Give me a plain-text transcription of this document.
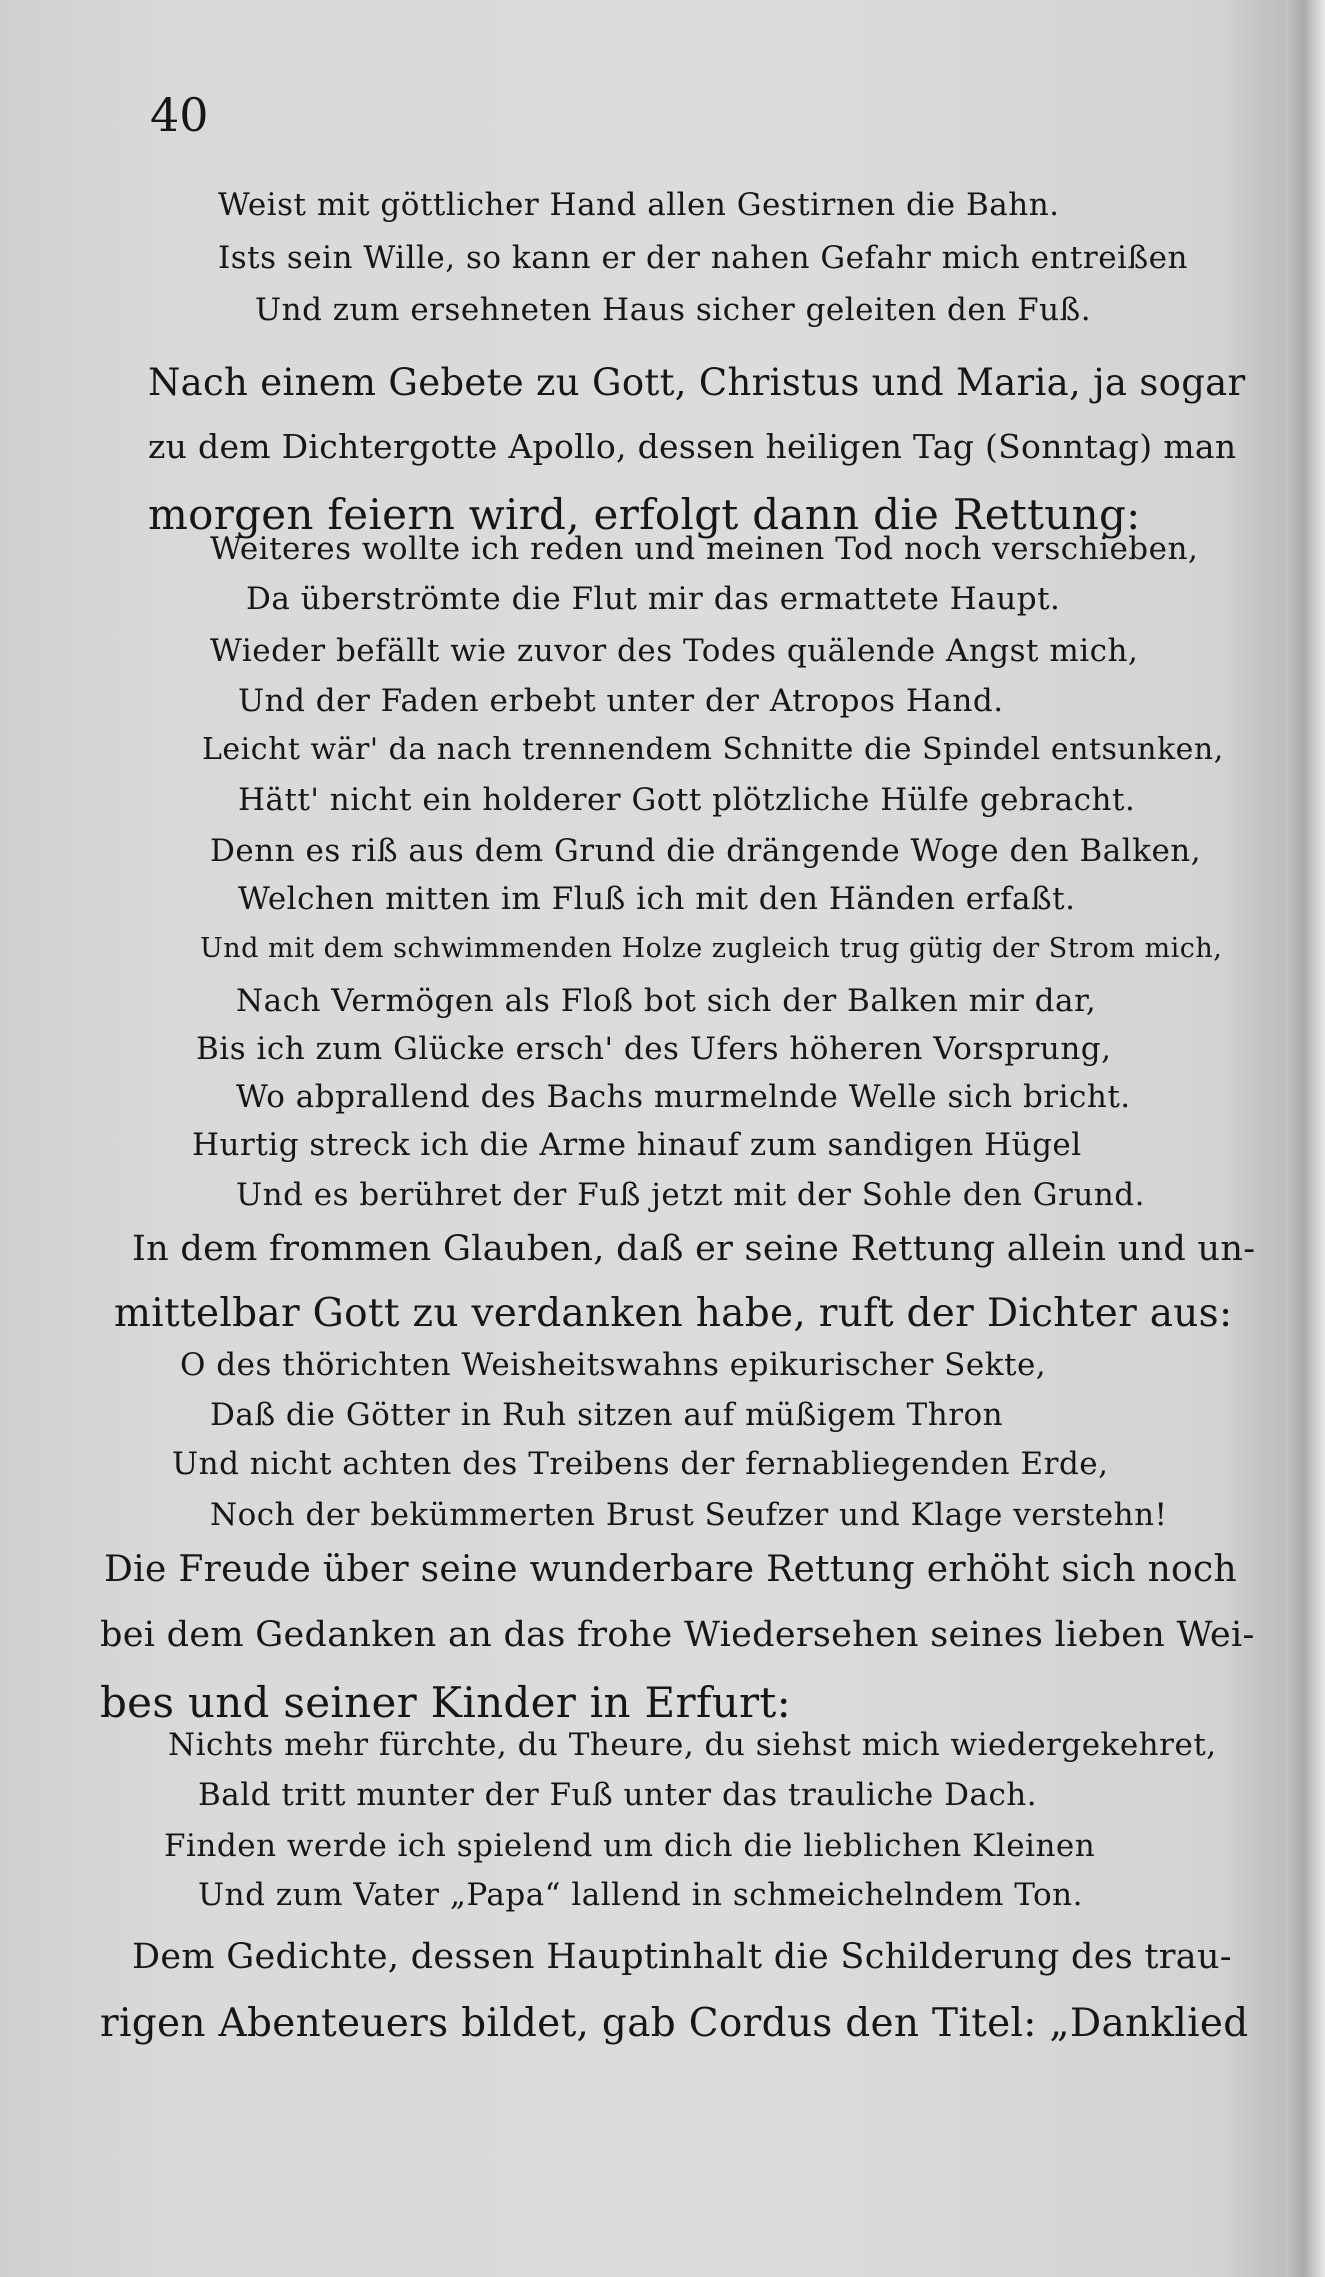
40
Weist mit göttlicher Hand allen Gestirnen die Bahn.
Ists sein Wille, so kann er der nahen Gefahr mich entreißen
Und zum ersehneten Haus sicher geleiten den Fuß.
Nach einem Gebete zu Gott, Christus und Maria, ja sogar
zu dem Dichtergotte Apollo, dessen heiligen Tag (Sonntag) man
morgen feiern wird, erfolgt dann die Rettung:
Weiteres wollte ich reden und meinen Tod noch verschieben,
Da überströmte die Flut mir das ermattete Haupt.
Wieder befällt wie zuvor des Todes quälende Angst mich,
Und der Faden erbebt unter der Atropos Hand.
Leicht wär' da nach trennendem Schnitte die Spindel entsunken,
Hätt' nicht ein holderer Gott plötzliche Hülfe gebracht.
Denn es riß aus dem Grund die drängende Woge den Balken,
Welchen mitten im Fluß ich mit den Händen erfaßt.
Und mit dem schwimmenden Holze zugleich trug gütig der Strom mich,
Nach Vermögen als Floß bot sich der Balken mir dar,
Bis ich zum Glücke ersch' des Ufers höheren Vorsprung,
Wo abprallend des Bachs murmelnde Welle sich bricht.
Hurtig streck ich die Arme hinauf zum sandigen Hügel
Und es berühret der Fuß jetzt mit der Sohle den Grund.
In dem frommen Glauben, daß er seine Rettung allein und un-
mittelbar Gott zu verdanken habe, ruft der Dichter aus:
O des thörichten Weisheitswahns epikurischer Sekte,
Daß die Götter in Ruh sitzen auf müßigem Thron
Und nicht achten des Treibens der fernabliegenden Erde,
Noch der bekümmerten Brust Seufzer und Klage verstehn!
Die Freude über seine wunderbare Rettung erhöht sich noch
bei dem Gedanken an das frohe Wiedersehen seines lieben Wei-
bes und seiner Kinder in Erfurt:
Nichts mehr fürchte, du Theure, du siehst mich wiedergekehret,
Bald tritt munter der Fuß unter das trauliche Dach.
Finden werde ich spielend um dich die lieblichen Kleinen
Und zum Vater „Papa“ lallend in schmeichelndem Ton.
Dem Gedichte, dessen Hauptinhalt die Schilderung des trau-
rigen Abenteuers bildet, gab Cordus den Titel: „Danklied
